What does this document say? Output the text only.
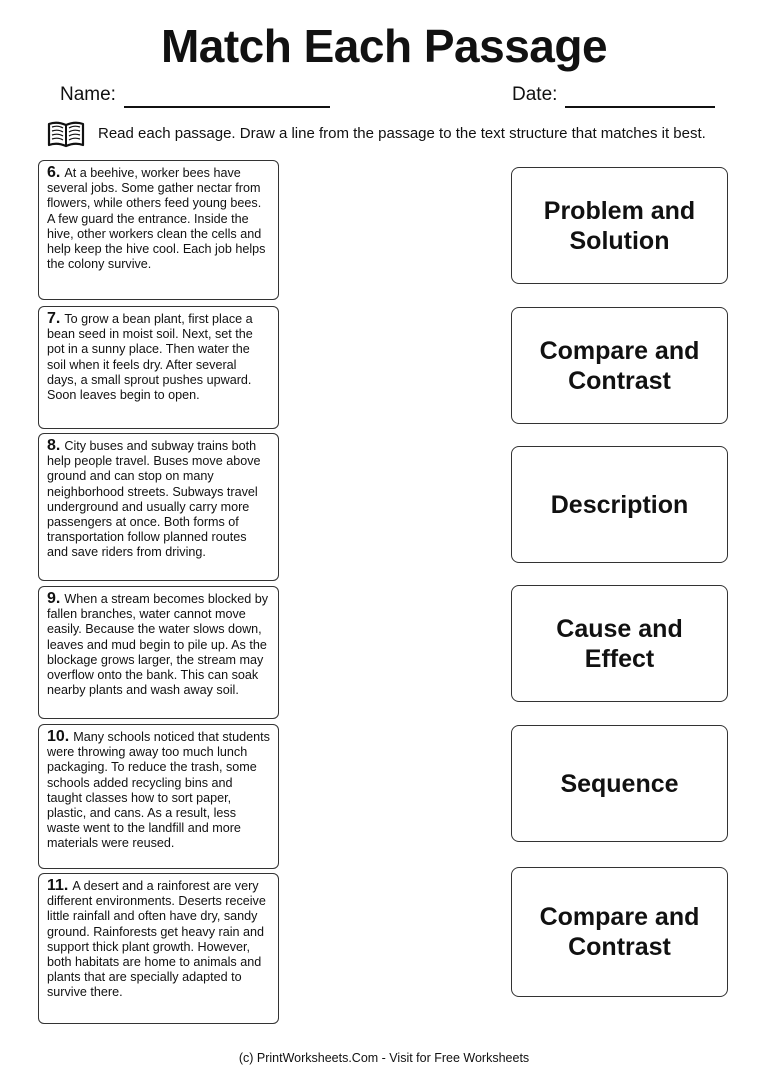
Match Each Passage
Name:	Date:
Read each passage. Draw a line from the passage to the text structure that matches it best.
6. At a beehive, worker bees have several jobs. Some gather nectar from flowers, while others feed young bees. A few guard the entrance. Inside the hive, other workers clean the cells and help keep the hive cool. Each job helps the colony survive.
7. To grow a bean plant, first place a bean seed in moist soil. Next, set the pot in a sunny place. Then water the soil when it feels dry. After several days, a small sprout pushes upward. Soon leaves begin to open.
8. City buses and subway trains both help people travel. Buses move above ground and can stop on many neighborhood streets. Subways travel underground and usually carry more passengers at once. Both forms of transportation follow planned routes and save riders from driving.
9. When a stream becomes blocked by fallen branches, water cannot move easily. Because the water slows down, leaves and mud begin to pile up. As the blockage grows larger, the stream may overflow onto the bank. This can soak nearby plants and wash away soil.
10. Many schools noticed that students were throwing away too much lunch packaging. To reduce the trash, some schools added recycling bins and taught classes how to sort paper, plastic, and cans. As a result, less waste went to the landfill and more materials were reused.
11. A desert and a rainforest are very different environments. Deserts receive little rainfall and often have dry, sandy ground. Rainforests get heavy rain and support thick plant growth. However, both habitats are home to animals and plants that are specially adapted to survive there.
Problem and Solution
Compare and Contrast
Description
Cause and Effect
Sequence
Compare and Contrast
(c) PrintWorksheets.Com - Visit for Free Worksheets
